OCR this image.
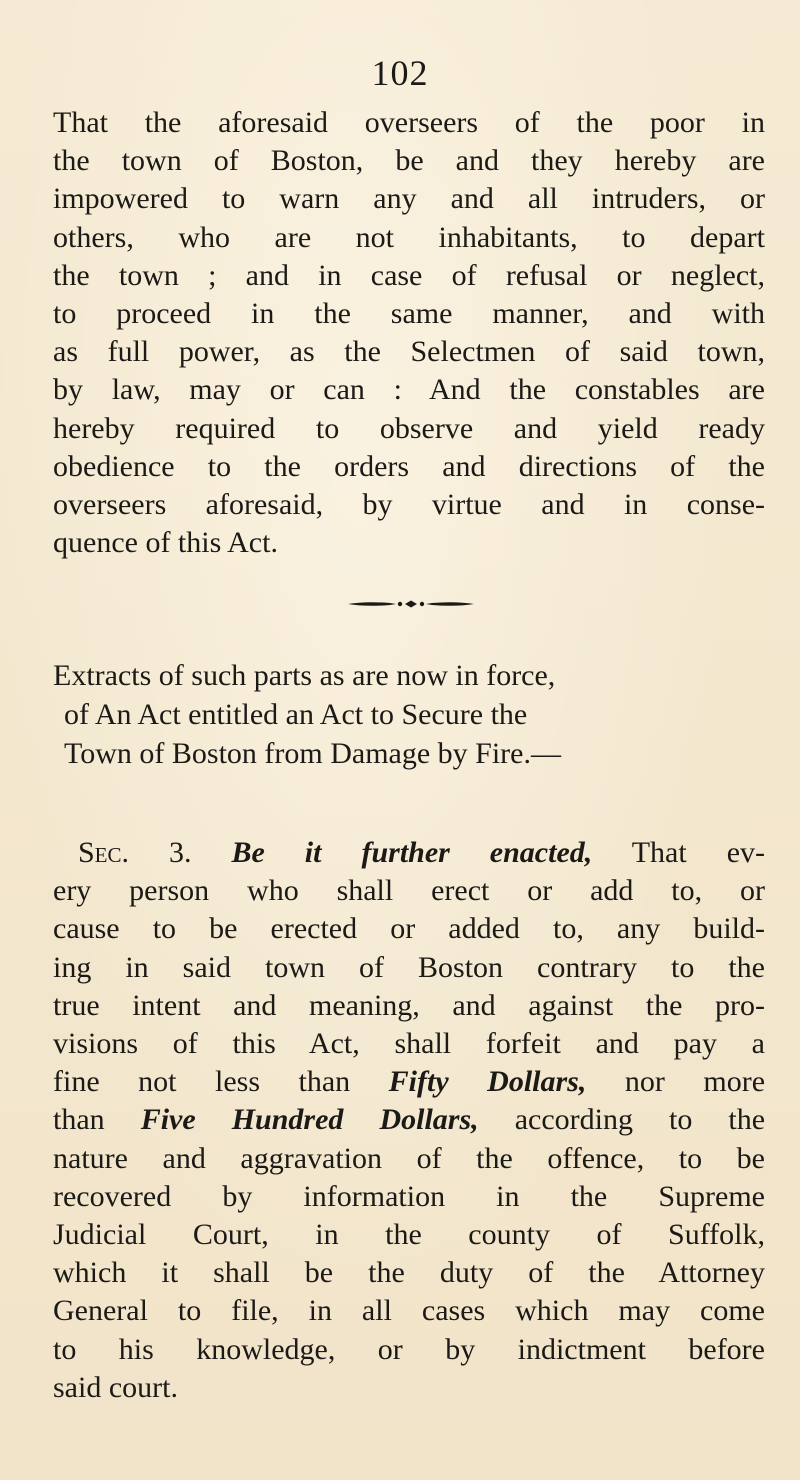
102
That the aforesaid overseers of the poor in
the town of Boston, be and they hereby are
impowered to warn any and all intruders, or
others, who are not inhabitants, to depart
the town ; and in case of refusal or neglect,
to proceed in the same manner, and with
as full power, as the Selectmen of said town,
by law, may or can : And the constables are
hereby required to observe and yield ready
obedience to the orders and directions of the
overseers aforesaid, by virtue and in conse-
quence of this Act.
Extracts of such parts as are now in force,
of An Act entitled an Act to Secure the
Town of Boston from Damage by Fire.—
Sec. 3. Be it further enacted, That ev-
ery person who shall erect or add to, or
cause to be erected or added to, any build-
ing in said town of Boston contrary to the
true intent and meaning, and against the pro-
visions of this Act, shall forfeit and pay a
fine not less than Fifty Dollars, nor more
than Five Hundred Dollars, according to the
nature and aggravation of the offence, to be
recovered by information in the Supreme
Judicial Court, in the county of Suffolk,
which it shall be the duty of the Attorney
General to file, in all cases which may come
to his knowledge, or by indictment before
said court.
